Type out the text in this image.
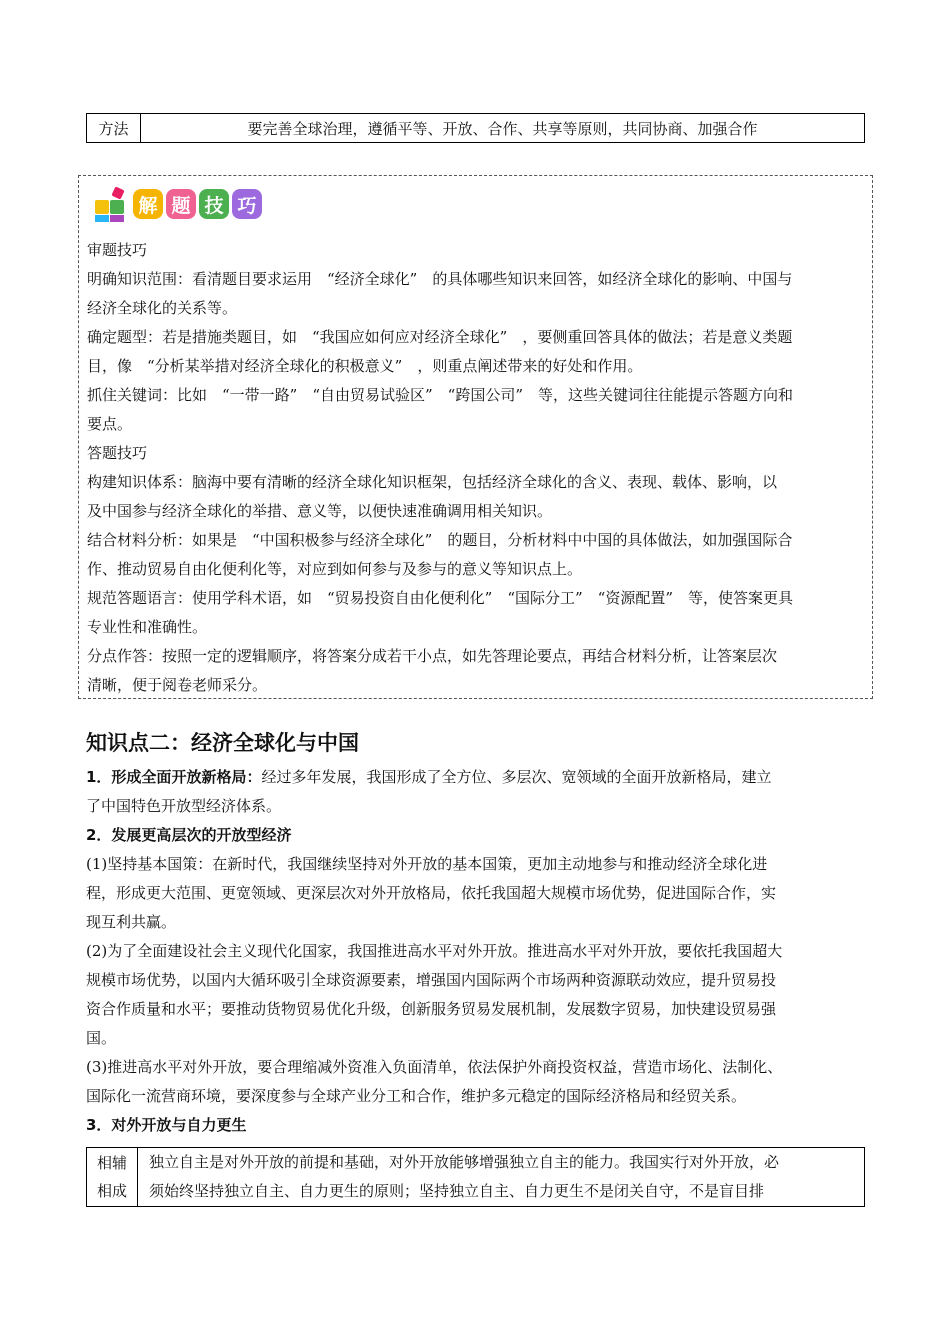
方法	要完善全球治理，遵循平等、开放、合作、共享等原则，共同协商、加强合作
解 题 技 巧
审题技巧
明确知识范围：看清题目要求运用　“经济全球化”　的具体哪些知识来回答，如经济全球化的影响、中国与
经济全球化的关系等。
确定题型：若是措施类题目，如　“我国应如何应对经济全球化”　，要侧重回答具体的做法；若是意义类题
目，像　“分析某举措对经济全球化的积极意义”　，则重点阐述带来的好处和作用。
抓住关键词：比如　“一带一路”　“自由贸易试验区”　“跨国公司”　等，这些关键词往往能提示答题方向和
要点。
答题技巧
构建知识体系：脑海中要有清晰的经济全球化知识框架，包括经济全球化的含义、表现、载体、影响，以
及中国参与经济全球化的举措、意义等，以便快速准确调用相关知识。
结合材料分析：如果是　“中国积极参与经济全球化”　的题目，分析材料中中国的具体做法，如加强国际合
作、推动贸易自由化便利化等，对应到如何参与及参与的意义等知识点上。
规范答题语言：使用学科术语，如　“贸易投资自由化便利化”　“国际分工”　“资源配置”　等，使答案更具
专业性和准确性。
分点作答：按照一定的逻辑顺序，将答案分成若干小点，如先答理论要点，再结合材料分析，让答案层次
清晰，便于阅卷老师采分。
知识点二：经济全球化与中国
1．形成全面开放新格局：经过多年发展，我国形成了全方位、多层次、宽领域的全面开放新格局，建立
了中国特色开放型经济体系。
2．发展更高层次的开放型经济
(1)坚持基本国策：在新时代，我国继续坚持对外开放的基本国策，更加主动地参与和推动经济全球化进
程，形成更大范围、更宽领域、更深层次对外开放格局，依托我国超大规模市场优势，促进国际合作，实
现互利共赢。
(2)为了全面建设社会主义现代化国家，我国推进高水平对外开放。推进高水平对外开放，要依托我国超大
规模市场优势，以国内大循环吸引全球资源要素，增强国内国际两个市场两种资源联动效应，提升贸易投
资合作质量和水平；要推动货物贸易优化升级，创新服务贸易发展机制，发展数字贸易，加快建设贸易强
国。
(3)推进高水平对外开放，要合理缩减外资准入负面清单，依法保护外商投资权益，营造市场化、法制化、
国际化一流营商环境，要深度参与全球产业分工和合作，维护多元稳定的国际经济格局和经贸关系。
3．对外开放与自力更生
相辅
相成
独立自主是对外开放的前提和基础，对外开放能够增强独立自主的能力。我国实行对外开放，必
须始终坚持独立自主、自力更生的原则；坚持独立自主、自力更生不是闭关自守，不是盲目排
